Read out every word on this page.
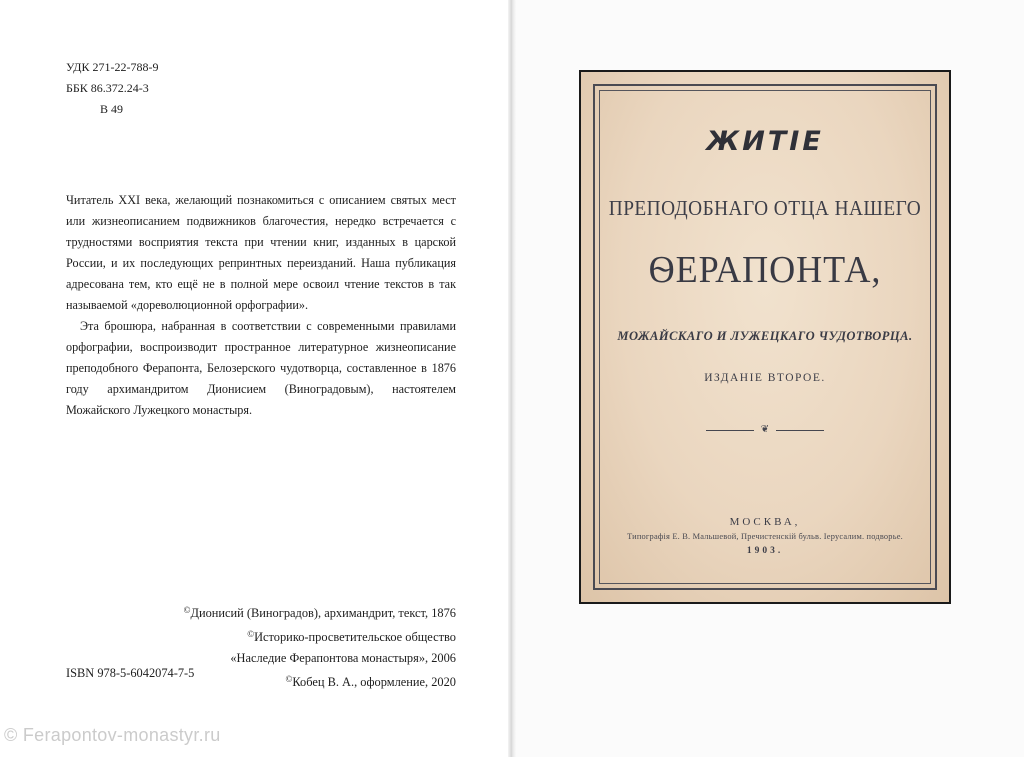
УДК 271-22-788-9
ББК 86.372.24-3
В 49

Читатель XXI века, желающий познакомиться с описанием святых мест или жизнеописанием подвижников благочестия, нередко встречается с трудностями восприятия текста при чтении книг, изданных в царской России, и их последующих репринтных переизданий. Наша публикация адресована тем, кто ещё не в полной мере освоил чтение текстов в так называемой «дореволюционной орфографии».

Эта брошюра, набранная в соответствии с современными правилами орфографии, воспроизводит пространное литературное жизнеописание преподобного Ферапонта, Белозерского чудотворца, составленное в 1876 году архимандритом Дионисием (Виноградовым), настоятелем Можайского Лужецкого монастыря.

©Дионисий (Виноградов), архимандрит, текст, 1876
©Историко-просветительское общество
«Наследие Ферапонтова монастыря», 2006
©Кобец В. А., оформление, 2020
ISBN 978-5-6042074-7-5
© Ferapontov-monastyr.ru
ЖИТІЕ
ПРЕПОДОБНАГО ОТЦА НАШЕГО
ѲЕРАПОНТА,
МОЖАЙСКАГО И ЛУЖЕЦКАГО ЧУДОТВОРЦА.
ИЗДАНІЕ ВТОРОЕ.
❦
МОСКВА,
Типографія Е. В. Мальшевой, Пречистенскій бульв. Іерусалим. подворье.
1903.
